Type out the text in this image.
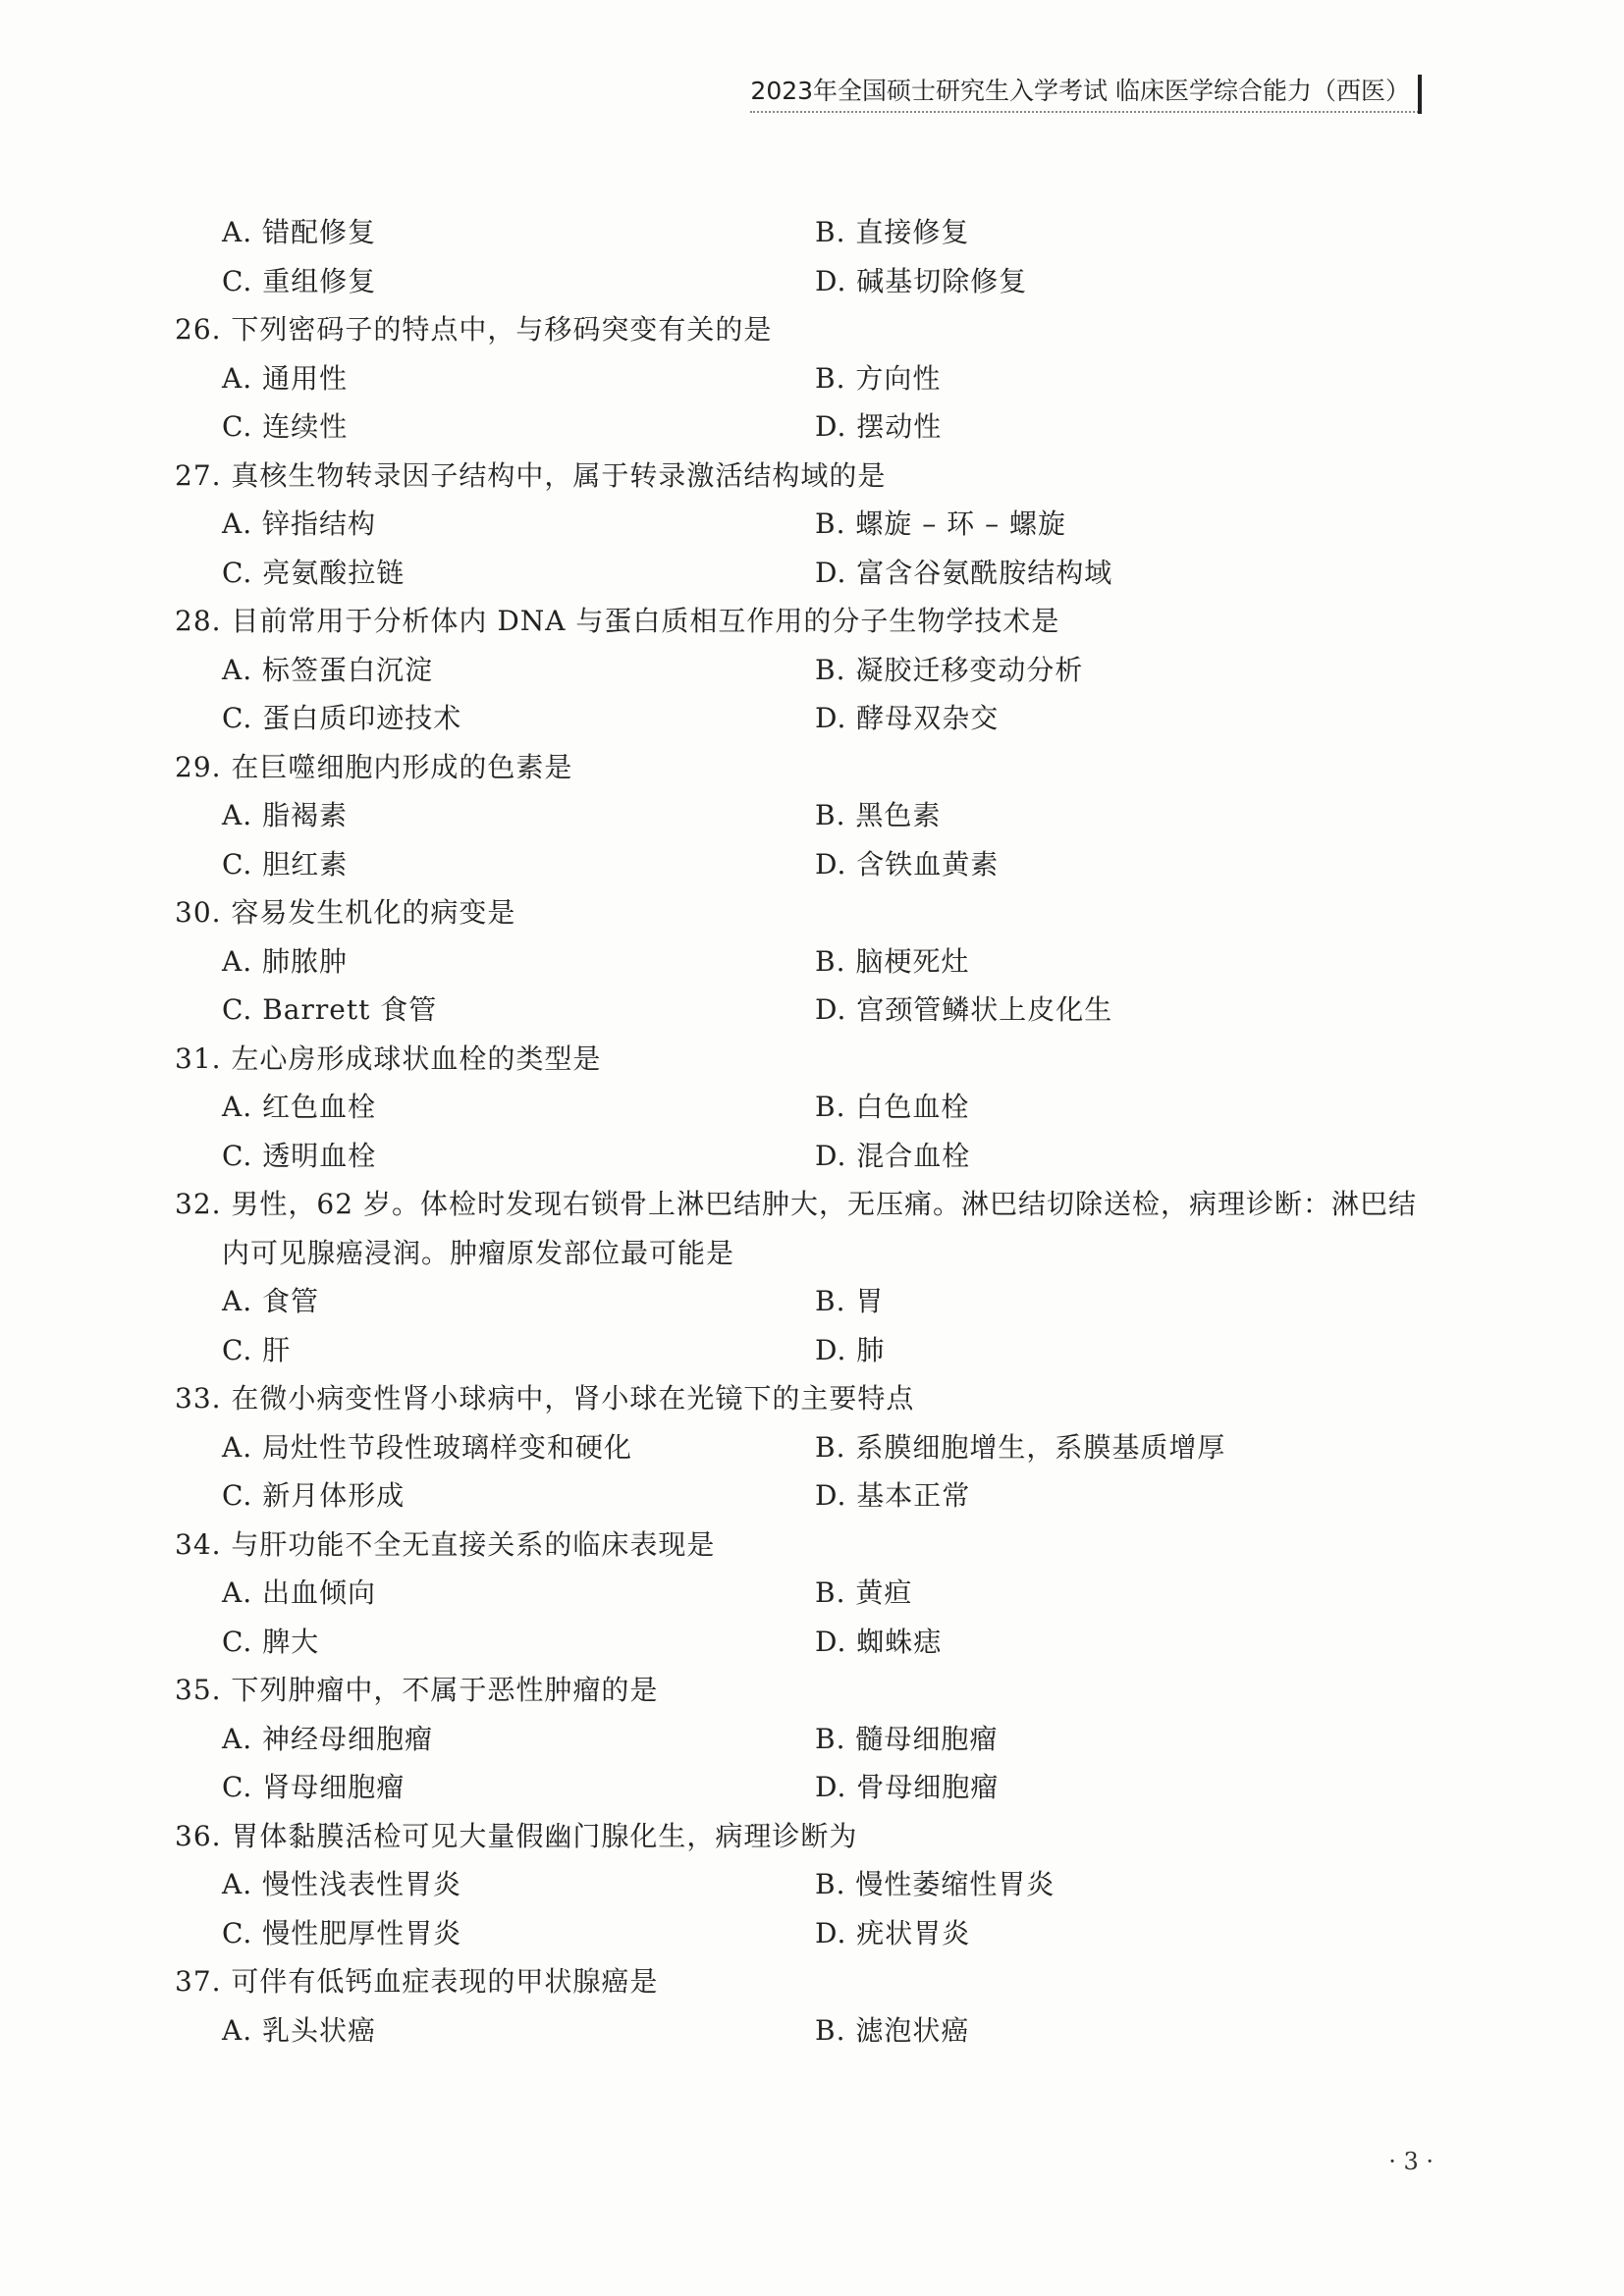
2023年全国硕士研究生入学考试 临床医学综合能力（西医）
A. 错配修复	B. 直接修复
C. 重组修复	D. 碱基切除修复
26. 下列密码子的特点中，与移码突变有关的是
A. 通用性	B. 方向性
C. 连续性	D. 摆动性
27. 真核生物转录因子结构中，属于转录激活结构域的是
A. 锌指结构	B. 螺旋 – 环 – 螺旋
C. 亮氨酸拉链	D. 富含谷氨酰胺结构域
28. 目前常用于分析体内 DNA 与蛋白质相互作用的分子生物学技术是
A. 标签蛋白沉淀	B. 凝胶迁移变动分析
C. 蛋白质印迹技术	D. 酵母双杂交
29. 在巨噬细胞内形成的色素是
A. 脂褐素	B. 黑色素
C. 胆红素	D. 含铁血黄素
30. 容易发生机化的病变是
A. 肺脓肿	B. 脑梗死灶
C. Barrett 食管	D. 宫颈管鳞状上皮化生
31. 左心房形成球状血栓的类型是
A. 红色血栓	B. 白色血栓
C. 透明血栓	D. 混合血栓
32. 男性，62 岁。体检时发现右锁骨上淋巴结肿大，无压痛。淋巴结切除送检，病理诊断：淋巴结
内可见腺癌浸润。肿瘤原发部位最可能是
A. 食管	B. 胃
C. 肝	D. 肺
33. 在微小病变性肾小球病中，肾小球在光镜下的主要特点
A. 局灶性节段性玻璃样变和硬化	B. 系膜细胞增生，系膜基质增厚
C. 新月体形成	D. 基本正常
34. 与肝功能不全无直接关系的临床表现是
A. 出血倾向	B. 黄疸
C. 脾大	D. 蜘蛛痣
35. 下列肿瘤中，不属于恶性肿瘤的是
A. 神经母细胞瘤	B. 髓母细胞瘤
C. 肾母细胞瘤	D. 骨母细胞瘤
36. 胃体黏膜活检可见大量假幽门腺化生，病理诊断为
A. 慢性浅表性胃炎	B. 慢性萎缩性胃炎
C. 慢性肥厚性胃炎	D. 疣状胃炎
37. 可伴有低钙血症表现的甲状腺癌是
A. 乳头状癌	B. 滤泡状癌
· 3 ·
